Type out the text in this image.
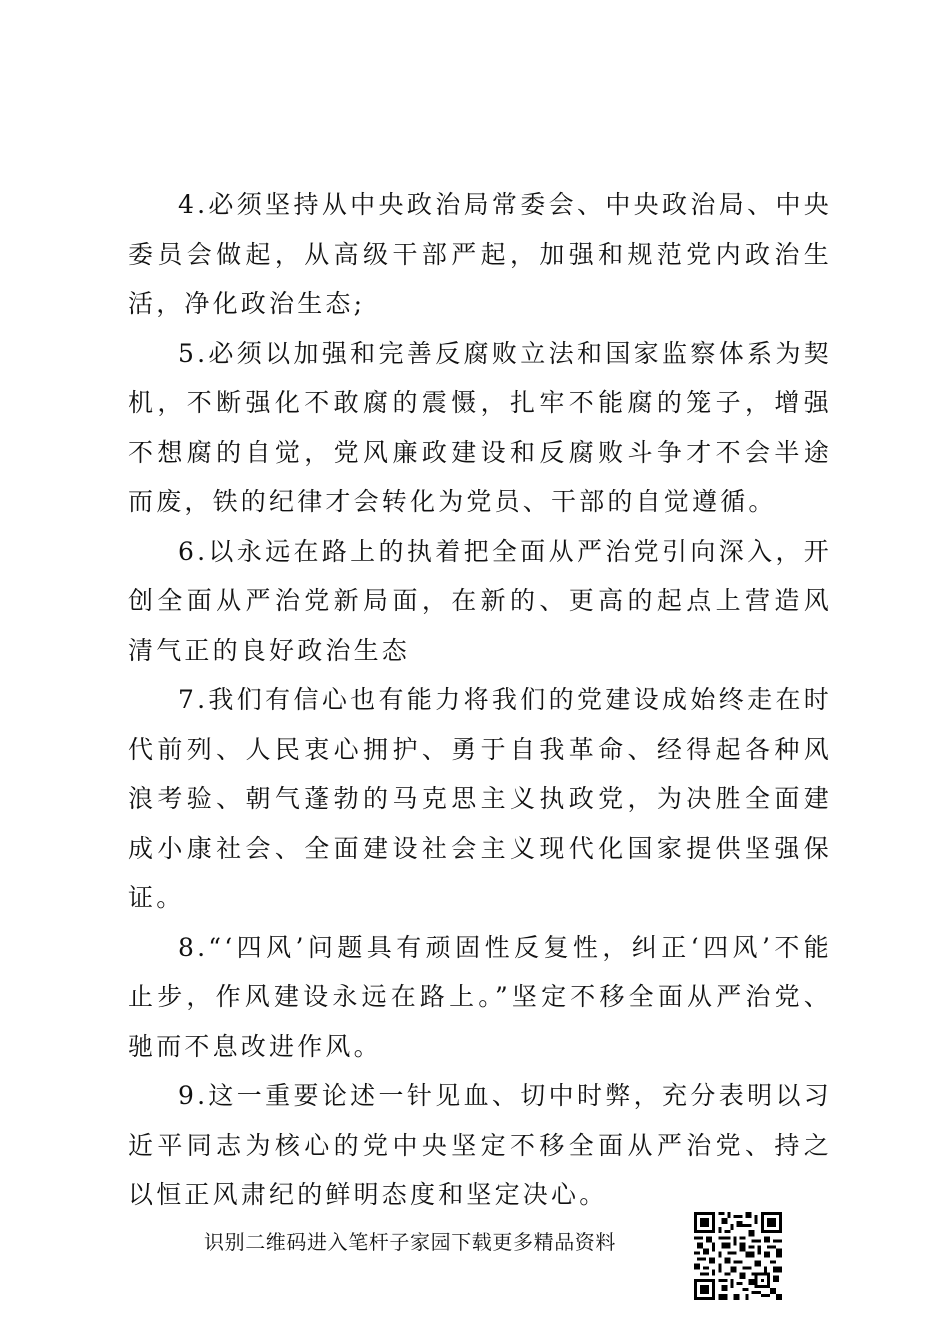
4.必须坚持从中央政治局常委会、中央政治局、中央委员会做起，从高级干部严起，加强和规范党内政治生活，净化政治生态;

5.必须以加强和完善反腐败立法和国家监察体系为契机，不断强化不敢腐的震慑，扎牢不能腐的笼子，增强不想腐的自觉，党风廉政建设和反腐败斗争才不会半途而废，铁的纪律才会转化为党员、干部的自觉遵循。

6.以永远在路上的执着把全面从严治党引向深入，开创全面从严治党新局面，在新的、更高的起点上营造风清气正的良好政治生态

7.我们有信心也有能力将我们的党建设成始终走在时代前列、人民衷心拥护、勇于自我革命、经得起各种风浪考验、朝气蓬勃的马克思主义执政党，为决胜全面建成小康社会、全面建设社会主义现代化国家提供坚强保证。

8.“‘四风’问题具有顽固性反复性，纠正‘四风’不能止步，作风建设永远在路上。”坚定不移全面从严治党、驰而不息改进作风。

9.这一重要论述一针见血、切中时弊，充分表明以习近平同志为核心的党中央坚定不移全面从严治党、持之以恒正风肃纪的鲜明态度和坚定决心。

识别二维码进入笔杆子家园下载更多精品资料
